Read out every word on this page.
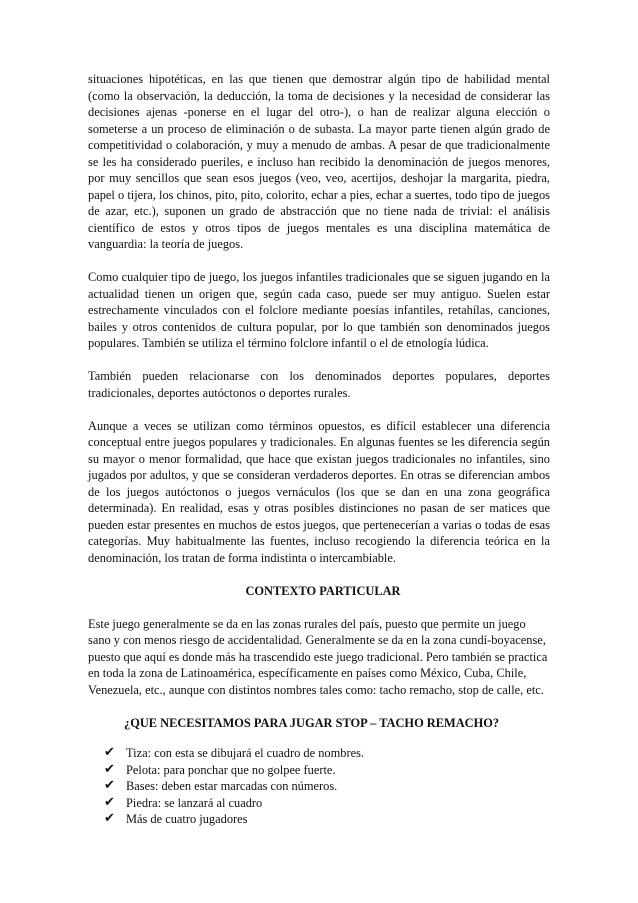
situaciones hipotéticas, en las que tienen que demostrar algún tipo de habilidad mental (como la observación, la deducción, la toma de decisiones y la necesidad de considerar las decisiones ajenas -ponerse en el lugar del otro-), o han de realizar alguna elección o someterse a un proceso de eliminación o de subasta. La mayor parte tienen algún grado de competitividad o colaboración, y muy a menudo de ambas. A pesar de que tradicionalmente se les ha considerado pueriles, e incluso han recibido la denominación de juegos menores, por muy sencillos que sean esos juegos (veo, veo, acertijos, deshojar la margarita, piedra, papel o tijera, los chinos, pito, pito, colorito, echar a pies, echar a suertes, todo tipo de juegos de azar, etc.), suponen un grado de abstracción que no tiene nada de trivial: el análisis científico de estos y otros tipos de juegos mentales es una disciplina matemática de vanguardia: la teoría de juegos.

Como cualquier tipo de juego, los juegos infantiles tradicionales que se siguen jugando en la actualidad tienen un origen que, según cada caso, puede ser muy antiguo. Suelen estar estrechamente vinculados con el folclore mediante poesías infantiles, retahílas, canciones, bailes y otros contenidos de cultura popular, por lo que también son denominados juegos populares. También se utiliza el término folclore infantil o el de etnología lúdica.

También pueden relacionarse con los denominados deportes populares, deportes tradicionales, deportes autóctonos o deportes rurales.

Aunque a veces se utilizan como términos opuestos, es difícil establecer una diferencia conceptual entre juegos populares y tradicionales. En algunas fuentes se les diferencia según su mayor o menor formalidad, que hace que existan juegos tradicionales no infantiles, sino jugados por adultos, y que se consideran verdaderos deportes. En otras se diferencian ambos de los juegos autóctonos o juegos vernáculos (los que se dan en una zona geográfica determinada). En realidad, esas y otras posibles distinciones no pasan de ser matices que pueden estar presentes en muchos de estos juegos, que pertenecerían a varias o todas de esas categorías. Muy habitualmente las fuentes, incluso recogiendo la diferencia teórica en la denominación, los tratan de forma indistinta o intercambiable.

CONTEXTO PARTICULAR

Este juego generalmente se da en las zonas rurales del país, puesto que permite un juego sano y con menos riesgo de accidentalidad. Generalmente se da en la zona cundí-boyacense, puesto que aquí es donde más ha trascendido este juego tradicional. Pero también se practica en toda la zona de Latinoamérica, específicamente en países como México, Cuba, Chile, Venezuela, etc., aunque con distintos nombres tales como: tacho remacho, stop de calle, etc.

¿QUE NECESITAMOS PARA JUGAR STOP – TACHO REMACHO?
✔ Tiza: con esta se dibujará el cuadro de nombres.
✔ Pelota: para ponchar que no golpee fuerte.
✔ Bases: deben estar marcadas con números.
✔ Piedra: se lanzará al cuadro
✔ Más de cuatro jugadores
